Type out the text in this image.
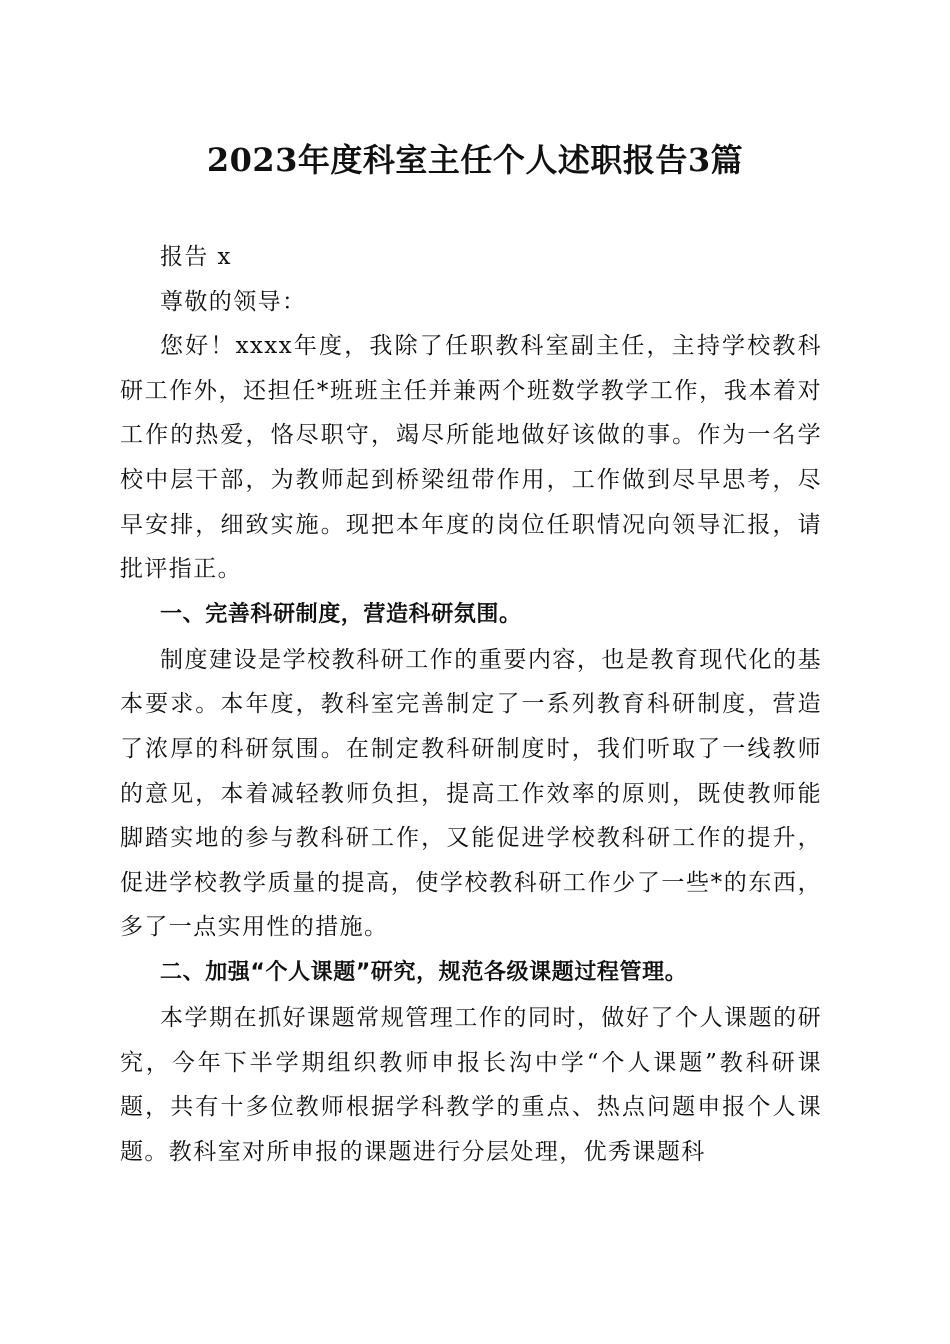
2023年度科室主任个人述职报告3篇

报告 x

尊敬的领导：

您好！xxxx年度，我除了任职教科室副主任，主持学校教科研工作外，还担任*班班主任并兼两个班数学教学工作，我本着对工作的热爱，恪尽职守，竭尽所能地做好该做的事。作为一名学校中层干部，为教师起到桥梁纽带作用，工作做到尽早思考，尽早安排，细致实施。现把本年度的岗位任职情况向领导汇报，请批评指正。

一、完善科研制度，营造科研氛围。

制度建设是学校教科研工作的重要内容，也是教育现代化的基本要求。本年度，教科室完善制定了一系列教育科研制度，营造了浓厚的科研氛围。在制定教科研制度时，我们听取了一线教师的意见，本着减轻教师负担，提高工作效率的原则，既使教师能脚踏实地的参与教科研工作，又能促进学校教科研工作的提升，促进学校教学质量的提高，使学校教科研工作少了一些*的东西，多了一点实用性的措施。

二、加强“个人课题”研究，规范各级课题过程管理。

本学期在抓好课题常规管理工作的同时，做好了个人课题的研究，今年下半学期组织教师申报长沟中学“个人课题”教科研课题，共有十多位教师根据学科教学的重点、热点问题申报个人课题。教科室对所申报的课题进行分层处理，优秀课题科
